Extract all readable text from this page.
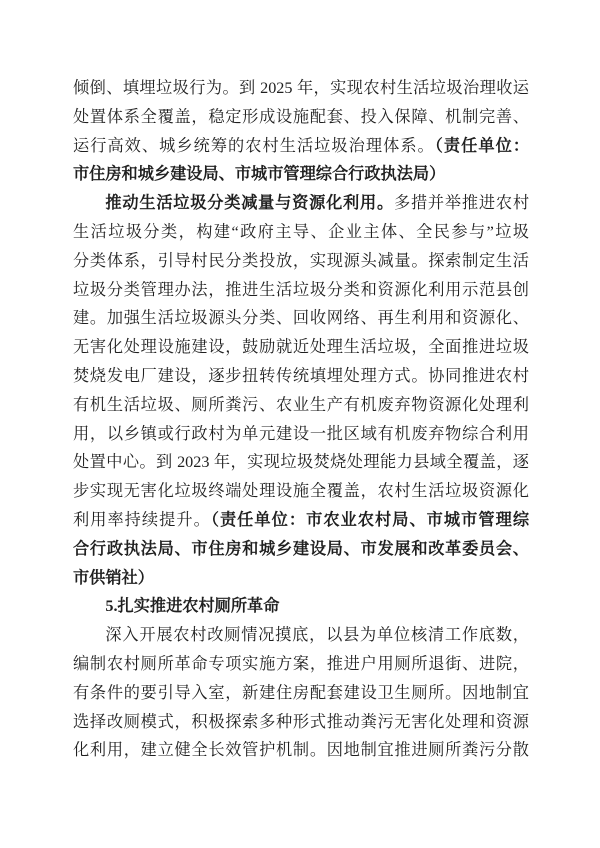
倾倒、填埋垃圾行为。到 2025 年，实现农村生活垃圾治理收运
处置体系全覆盖，稳定形成设施配套、投入保障、机制完善、
运行高效、城乡统筹的农村生活垃圾治理体系。（责任单位：
市住房和城乡建设局、市城市管理综合行政执法局）
推动生活垃圾分类减量与资源化利用。多措并举推进农村
生活垃圾分类，构建“政府主导、企业主体、全民参与”垃圾
分类体系，引导村民分类投放，实现源头减量。探索制定生活
垃圾分类管理办法，推进生活垃圾分类和资源化利用示范县创
建。加强生活垃圾源头分类、回收网络、再生利用和资源化、
无害化处理设施建设，鼓励就近处理生活垃圾，全面推进垃圾
焚烧发电厂建设，逐步扭转传统填埋处理方式。协同推进农村
有机生活垃圾、厕所粪污、农业生产有机废弃物资源化处理利
用，以乡镇或行政村为单元建设一批区域有机废弃物综合利用
处置中心。到 2023 年，实现垃圾焚烧处理能力县域全覆盖，逐
步实现无害化垃圾终端处理设施全覆盖，农村生活垃圾资源化
利用率持续提升。（责任单位：市农业农村局、市城市管理综
合行政执法局、市住房和城乡建设局、市发展和改革委员会、
市供销社）
5.扎实推进农村厕所革命
深入开展农村改厕情况摸底，以县为单位核清工作底数，
编制农村厕所革命专项实施方案，推进户用厕所退街、进院，
有条件的要引导入室，新建住房配套建设卫生厕所。因地制宜
选择改厕模式，积极探索多种形式推动粪污无害化处理和资源
化利用，建立健全长效管护机制。因地制宜推进厕所粪污分散
